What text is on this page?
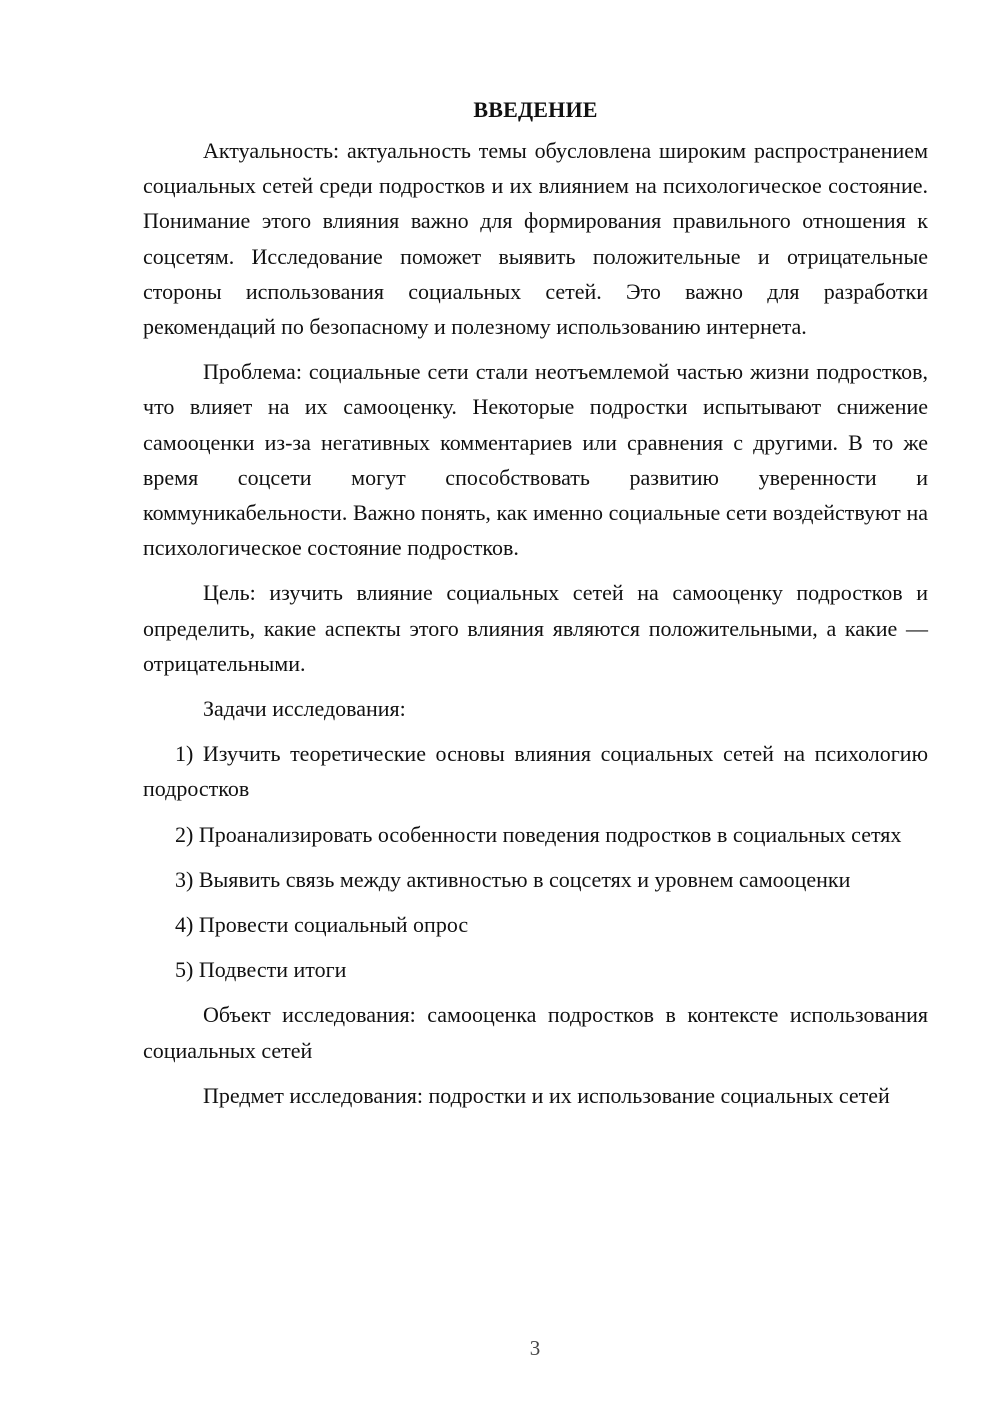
ВВЕДЕНИЕ

Актуальность: актуальность темы обусловлена широким распространением социальных сетей среди подростков и их влиянием на психологическое состояние. Понимание этого влияния важно для формирования правильного отношения к соцсетям. Исследование поможет выявить положительные и отрицательные стороны использования социальных сетей. Это важно для разработки рекомендаций по безопасному и полезному использованию интернета.

Проблема: социальные сети стали неотъемлемой частью жизни подростков, что влияет на их самооценку. Некоторые подростки испытывают снижение самооценки из-за негативных комментариев или сравнения с другими. В то же время соцсети могут способствовать развитию уверенности и коммуникабельности. Важно понять, как именно социальные сети воздействуют на психологическое состояние подростков.

Цель: изучить влияние социальных сетей на самооценку подростков и определить, какие аспекты этого влияния являются положительными, а какие — отрицательными.

Задачи исследования:

1) Изучить теоретические основы влияния социальных сетей на психологию подростков

2) Проанализировать особенности поведения подростков в социальных сетях

3) Выявить связь между активностью в соцсетях и уровнем самооценки

4) Провести социальный опрос

5) Подвести итоги

Объект исследования: самооценка подростков в контексте использования социальных сетей

Предмет исследования: подростки и их использование социальных сетей

3
